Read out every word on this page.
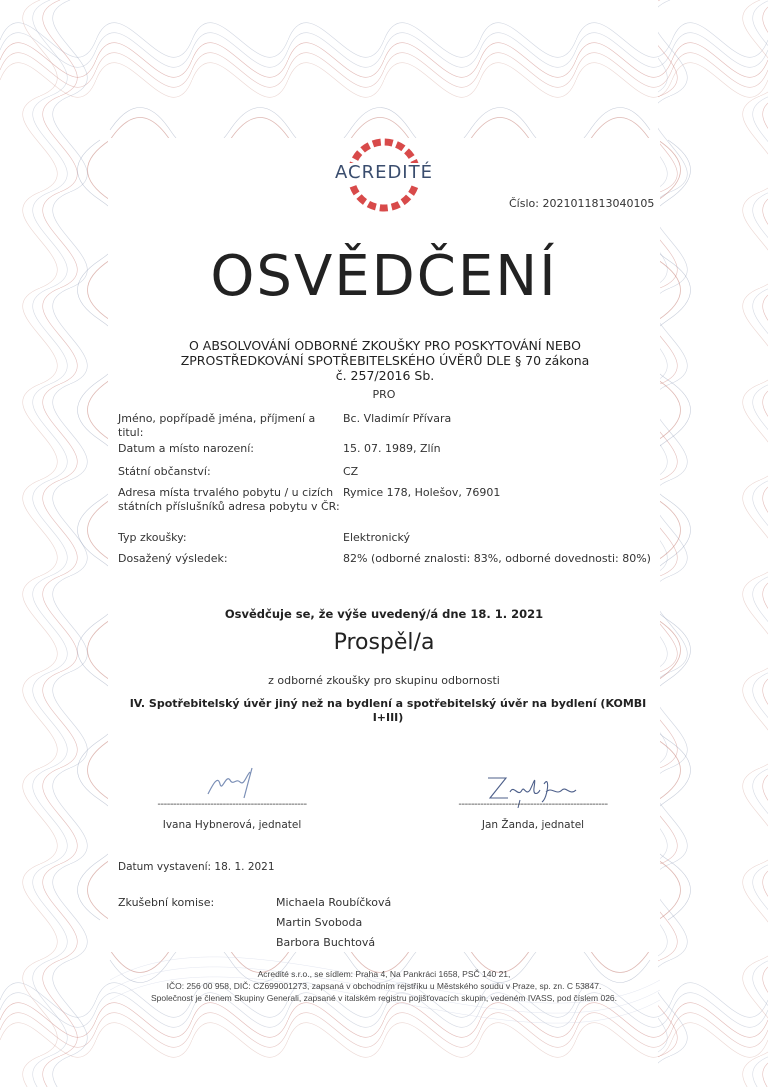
ACREDITÉ
Číslo: 2021011813040105
OSVĚDČENÍ
O ABSOLVOVÁNÍ ODBORNÉ ZKOUŠKY PRO POSKYTOVÁNÍ NEBO
ZPROSTŘEDKOVÁNÍ SPOTŘEBITELSKÉHO ÚVĚRŮ DLE § 70 zákona
č. 257/2016 Sb.
PRO
Jméno, popřípadě jména, příjmení a titul:
Bc. Vladimír Přívara
Datum a místo narození:	15. 07. 1989, Zlín
Státní občanství:	CZ
Adresa místa trvalého pobytu / u cizích státních příslušníků adresa pobytu v ČR:
Rymice 178, Holešov, 76901
Typ zkoušky:	Elektronický
Dosažený výsledek:	82% (odborné znalosti: 83%, odborné dovednosti: 80%)
Osvědčuje se, že výše uvedený/á dne 18. 1. 2021
Prospěl/a
z odborné zkoušky pro skupinu odbornosti
IV. Spotřebitelský úvěr jiný než na bydlení a spotřebitelský úvěr na bydlení (KOMBI I+III)
------------------------------------------------
Ivana Hybnerová, jednatel
------------------------------------------------
Jan Žanda, jednatel
Datum vystavení: 18. 1. 2021
Zkušební komise:	Michaela Roubíčková
Martin Svoboda
Barbora Buchtová
Acredité s.r.o., se sídlem: Praha 4, Na Pankráci 1658, PSČ 140 21,
IČO: 256 00 958, DIČ: CZ699001273, zapsaná v obchodním rejstříku u Městského soudu v Praze, sp. zn. C 53847.
Společnost je členem Skupiny Generali, zapsané v italském registru pojišťovacích skupin, vedeném IVASS, pod číslem 026.
